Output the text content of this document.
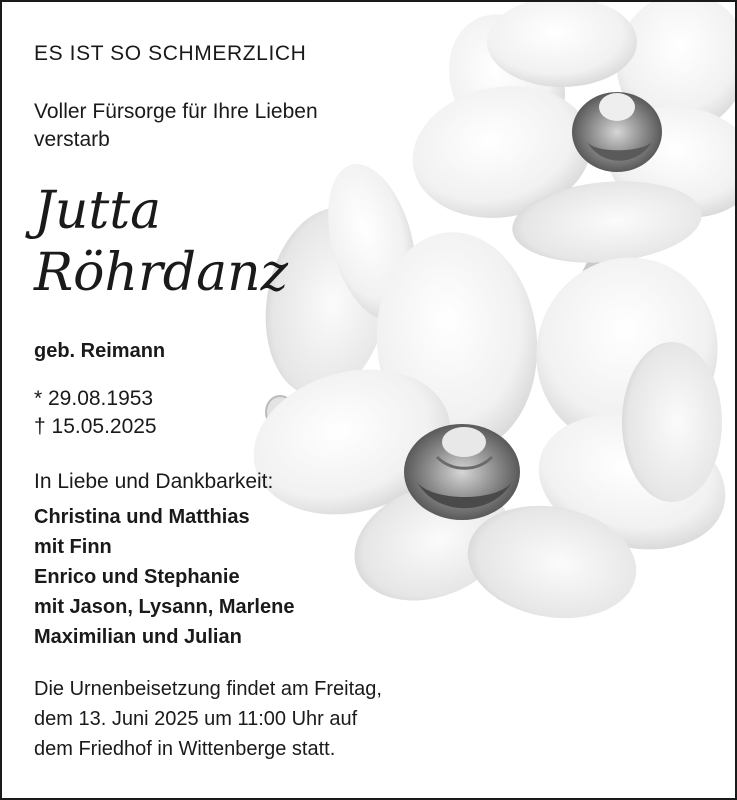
ES IST SO SCHMERZLICH
Voller Fürsorge für Ihre Lieben
verstarb
Jutta
Röhrdanz
geb. Reimann
* 29.08.1953
† 15.05.2025
In Liebe und Dankbarkeit:
Christina und Matthias
mit Finn
Enrico und Stephanie
mit Jason, Lysann, Marlene
Maximilian und Julian
Die Urnenbeisetzung findet am Freitag,
dem 13. Juni 2025 um 11:00 Uhr auf
dem Friedhof in Wittenberge statt.
